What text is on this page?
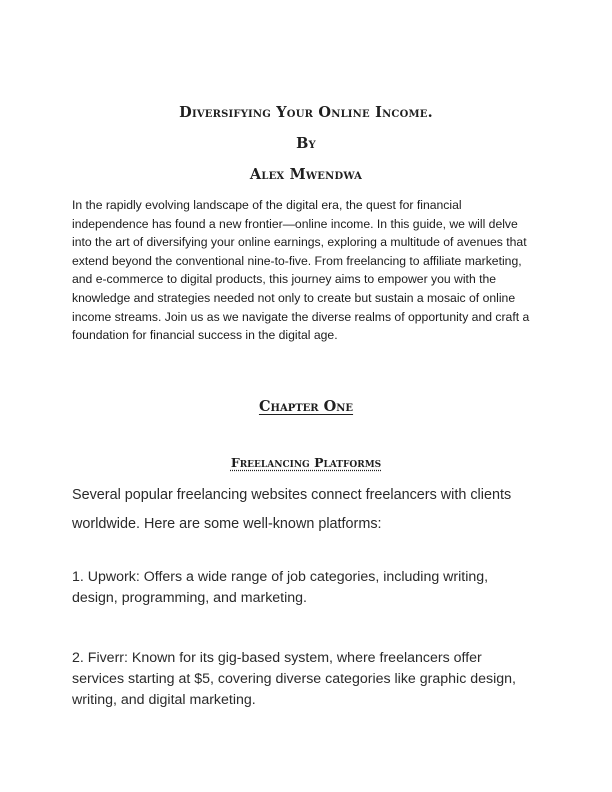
Diversifying Your Online Income.
By
Alex Mwendwa

In the rapidly evolving landscape of the digital era, the quest for financial independence has found a new frontier—online income. In this guide, we will delve into the art of diversifying your online earnings, exploring a multitude of avenues that extend beyond the conventional nine-to-five. From freelancing to affiliate marketing, and e-commerce to digital products, this journey aims to empower you with the knowledge and strategies needed not only to create but sustain a mosaic of online income streams. Join us as we navigate the diverse realms of opportunity and craft a foundation for financial success in the digital age.

Chapter One
Freelancing Platforms

Several popular freelancing websites connect freelancers with clients worldwide. Here are some well-known platforms:

1. Upwork: Offers a wide range of job categories, including writing, design, programming, and marketing.

2. Fiverr: Known for its gig-based system, where freelancers offer services starting at $5, covering diverse categories like graphic design, writing, and digital marketing.
